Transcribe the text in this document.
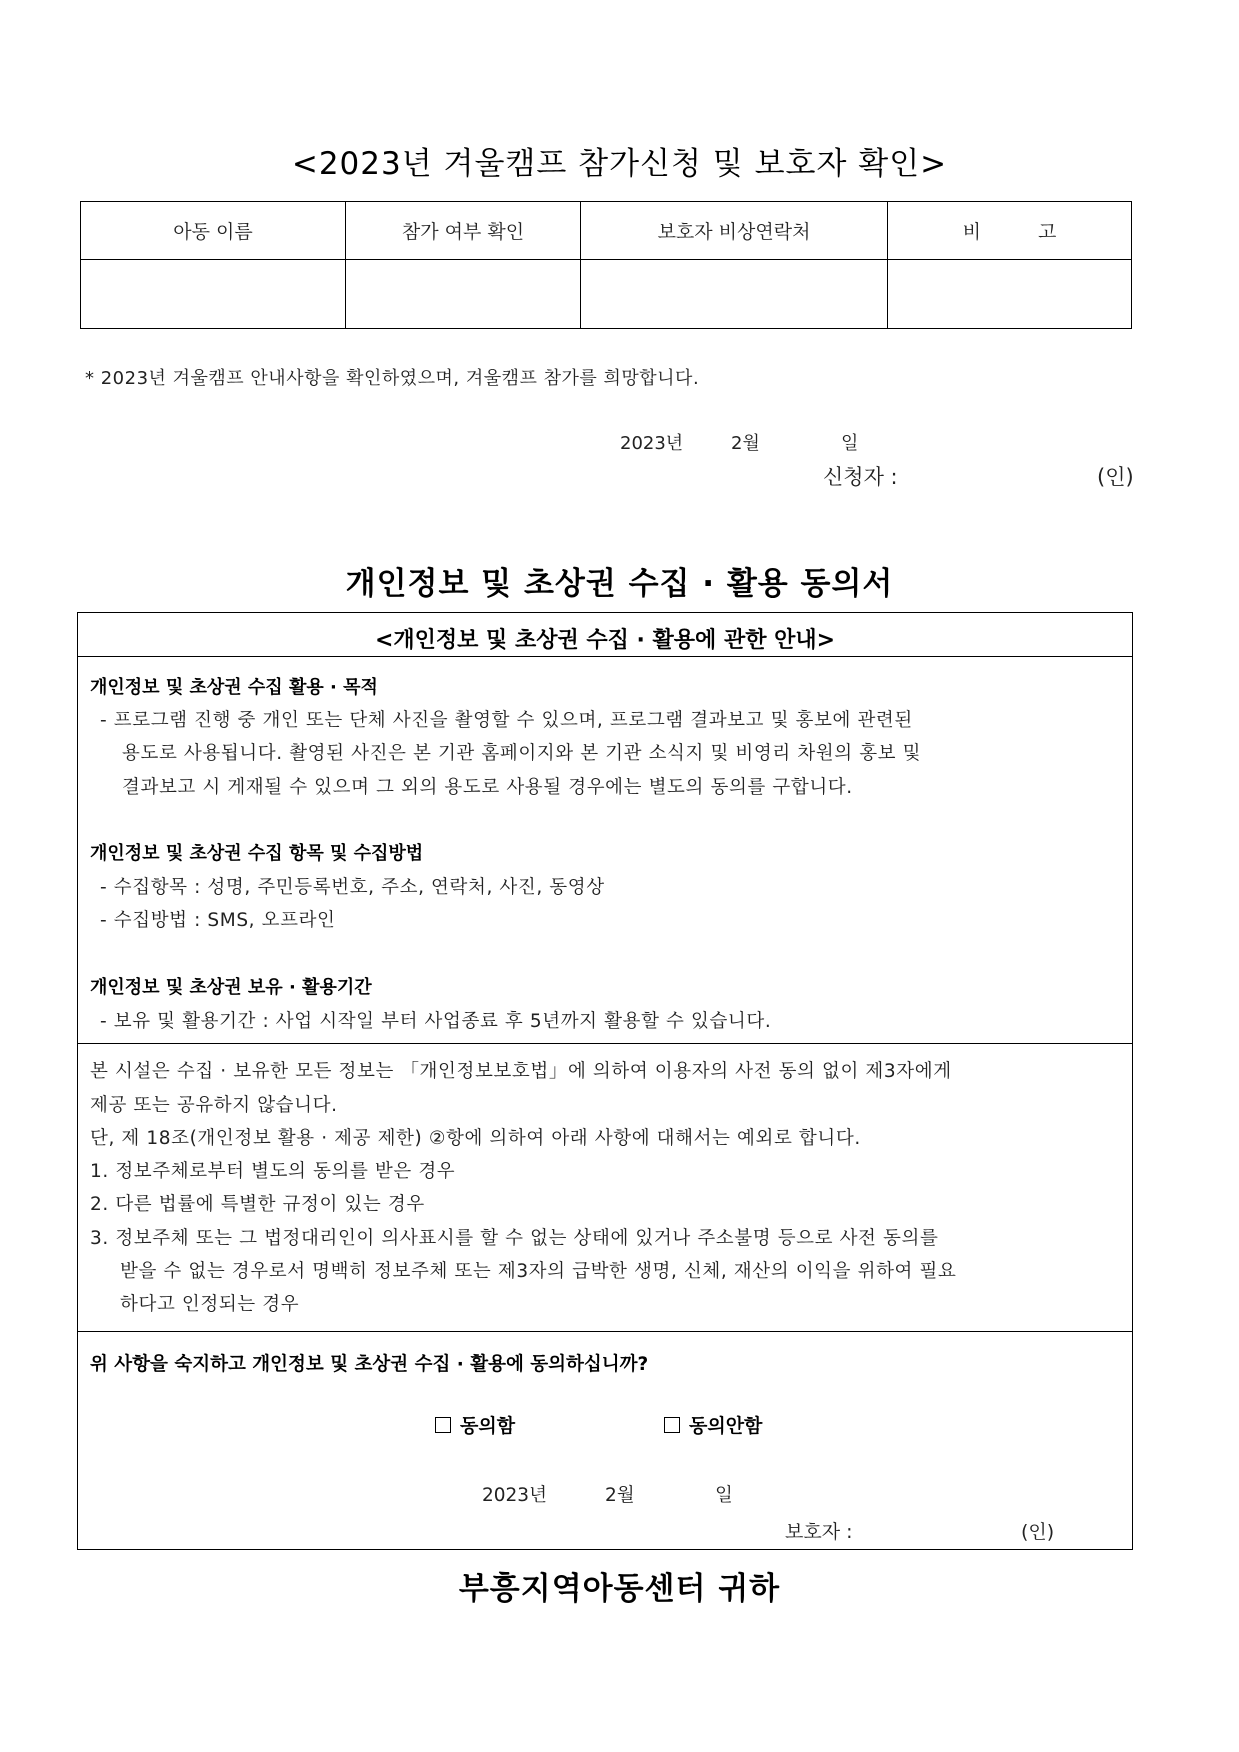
<2023년 겨울캠프 참가신청 및 보호자 확인>
아동 이름	참가 여부 확인	보호자 비상연락처	비　　　고

* 2023년 겨울캠프 안내사항을 확인하였으며, 겨울캠프 참가를 희망합니다.
2023년	2월	일
신청자 :	(인)
개인정보 및 초상권 수집 · 활용 동의서
<개인정보 및 초상권 수집 · 활용에 관한 안내>
개인정보 및 초상권 수집 활용 · 목적
- 프로그램 진행 중 개인 또는 단체 사진을 촬영할 수 있으며, 프로그램 결과보고 및 홍보에 관련된
용도로 사용됩니다. 촬영된 사진은 본 기관 홈페이지와 본 기관 소식지 및 비영리 차원의 홍보 및
결과보고 시 게재될 수 있으며 그 외의 용도로 사용될 경우에는 별도의 동의를 구합니다.
개인정보 및 초상권 수집 항목 및 수집방법
- 수집항목 : 성명, 주민등록번호, 주소, 연락처, 사진, 동영상
- 수집방법 : SMS, 오프라인
개인정보 및 초상권 보유 · 활용기간
- 보유 및 활용기간 : 사업 시작일 부터 사업종료 후 5년까지 활용할 수 있습니다.
본 시설은 수집 · 보유한 모든 정보는 「개인정보보호법」에 의하여 이용자의 사전 동의 없이 제3자에게
제공 또는 공유하지 않습니다.
단, 제 18조(개인정보 활용 · 제공 제한) ②항에 의하여 아래 사항에 대해서는 예외로 합니다.
1. 정보주체로부터 별도의 동의를 받은 경우
2. 다른 법률에 특별한 규정이 있는 경우
3. 정보주체 또는 그 법정대리인이 의사표시를 할 수 없는 상태에 있거나 주소불명 등으로 사전 동의를
받을 수 없는 경우로서 명백히 정보주체 또는 제3자의 급박한 생명, 신체, 재산의 이익을 위하여 필요
하다고 인정되는 경우
위 사항을 숙지하고 개인정보 및 초상권 수집 · 활용에 동의하십니까?
동의함	동의안함
2023년	2월	일
보호자 :	(인)
부흥지역아동센터 귀하
